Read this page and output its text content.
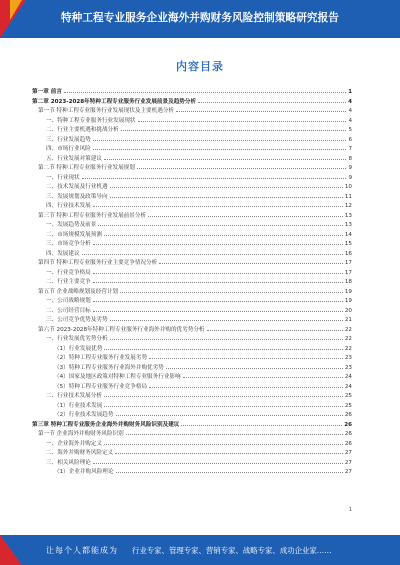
特种工程专业服务企业海外并购财务风险控制策略研究报告
内容目录
第一章 前言	1
第二章 2023-2028年特种工程专业服务行业发展前景及趋势分析	4
第一节 特种工程专业服务行业发展现状及主要机遇分析	4
一、特种工程专业服务行业发展现状	4
二、行业主要机遇和挑战分析	5
三、行业发展趋势	6
四、市场行业风险	7
五、行业发展对策建议	8
第二节 特种工程专业服务行业发展规划	9
一、行业现状	9
二、技术发展及行业机遇	10
三、发展规划及政策导向	11
四、行业技术发展	12
第三节 特种工程专业服务行业发展前景分析	13
一、发展趋势及前景	13
二、市场规模发展预测	14
三、市场竞争分析	15
四、发展建议	16
第四节 特种工程专业服务行业主要竞争情况分析	17
一、行业竞争格局	17
二、行业主要竞争	18
第五节 企业战略规划及经营计划	19
一、公司战略规划	19
二、公司经营目标	20
三、公司竞争优势及劣势	21
第六节 2023-2028年特种工程专业服务行业海外并购的优劣势分析	22
一、行业发展优劣势分析	22
（1）行业发展优势	22
（2）特种工程专业服务行业发展劣势	23
（3）特种工程专业服务行业海外并购优劣势	23
（4）国家及地区政策对特种工程专业服务行业影响	24
（5）特种工程专业服务行业竞争格局	24
二、行业技术发展分析	25
（1）行业技术发展	25
（2）行业技术发展趋势	26
第三章 特种工程专业服务企业海外并购财务风险识别及建议	26
第一节 企业海外并购财务风险识别	26
一、企业海外并购定义	26
二、海外并购财务风险定义	27
三、相关风险理论	27
（1）企业并购风险理论	27
1
让每个人都能成为 行业专家、管理专家、营销专家、战略专家、成功企业家……
